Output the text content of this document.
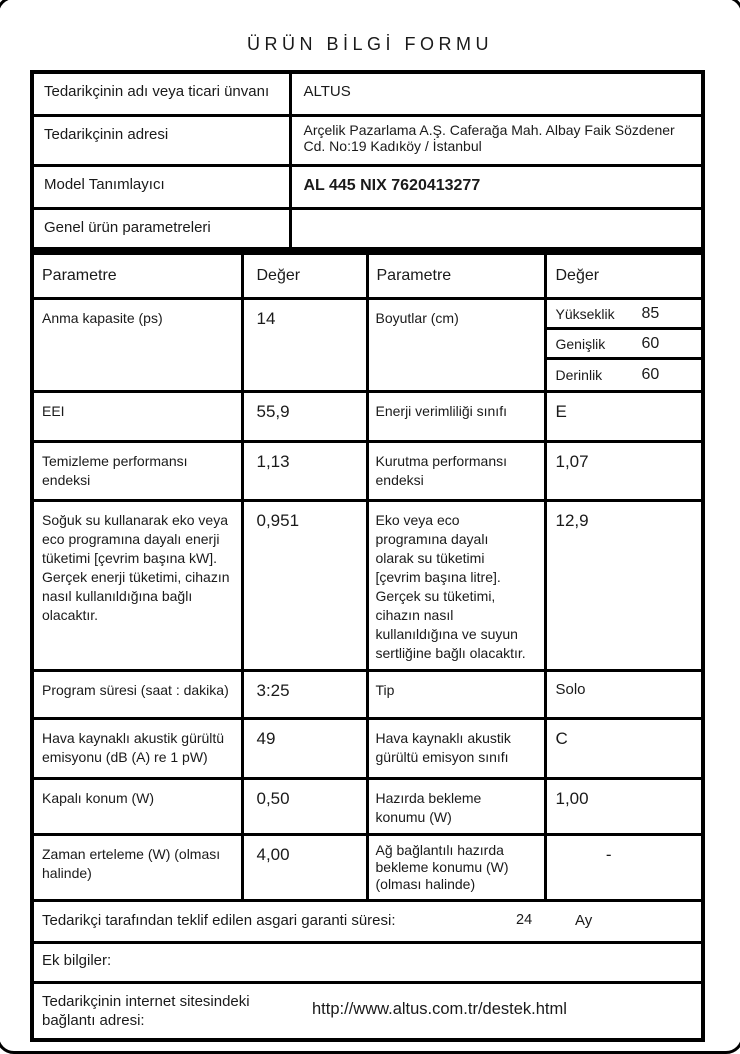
ÜRÜN BİLGİ FORMU
Tedarikçinin adı veya ticari ünvanı	ALTUS
Tedarikçinin adresi	Arçelik Pazarlama A.Ş. Caferağa Mah. Albay Faik Sözdener Cd. No:19 Kadıköy / İstanbul
Model Tanımlayıcı	AL 445 NIX 7620413277
Genel ürün parametreleri	
Parametre	Değer	Parametre	Değer
Anma kapasite (ps)	14	Boyutlar (cm)	Yükseklik	85
Genişlik	60
Derinlik	60

EEI	55,9	Enerji verimliliği sınıfı	E
Temizleme performansı endeksi	1,13	Kurutma performansı endeksi	1,07
Soğuk su kullanarak eko veya eco programına dayalı enerji tüketimi [çevrim başına kW]. Gerçek enerji tüketimi, cihazın nasıl kullanıldığına bağlı olacaktır.	0,951	Eko veya eco programına dayalı olarak su tüketimi [çevrim başına litre]. Gerçek su tüketimi, cihazın nasıl kullanıldığına ve suyun sertliğine bağlı olacaktır.	12,9
Program süresi (saat : dakika)	3:25	Tip	Solo
Hava kaynaklı akustik gürültü emisyonu (dB (A) re 1 pW)	49	Hava kaynaklı akustik gürültü emisyon sınıfı	C
Kapalı konum (W)	0,50	Hazırda bekleme konumu (W)	1,00
Zaman erteleme (W) (olması halinde)	4,00	Ağ bağlantılı hazırda bekleme konumu (W) (olması halinde)	-
Tedarikçi tarafından teklif edilen asgari garanti süresi: 24 Ay			

Ek bilgiler:			
Tedarikçinin internet sitesindeki bağlantı adresi:
http://www.altus.com.tr/destek.html			
